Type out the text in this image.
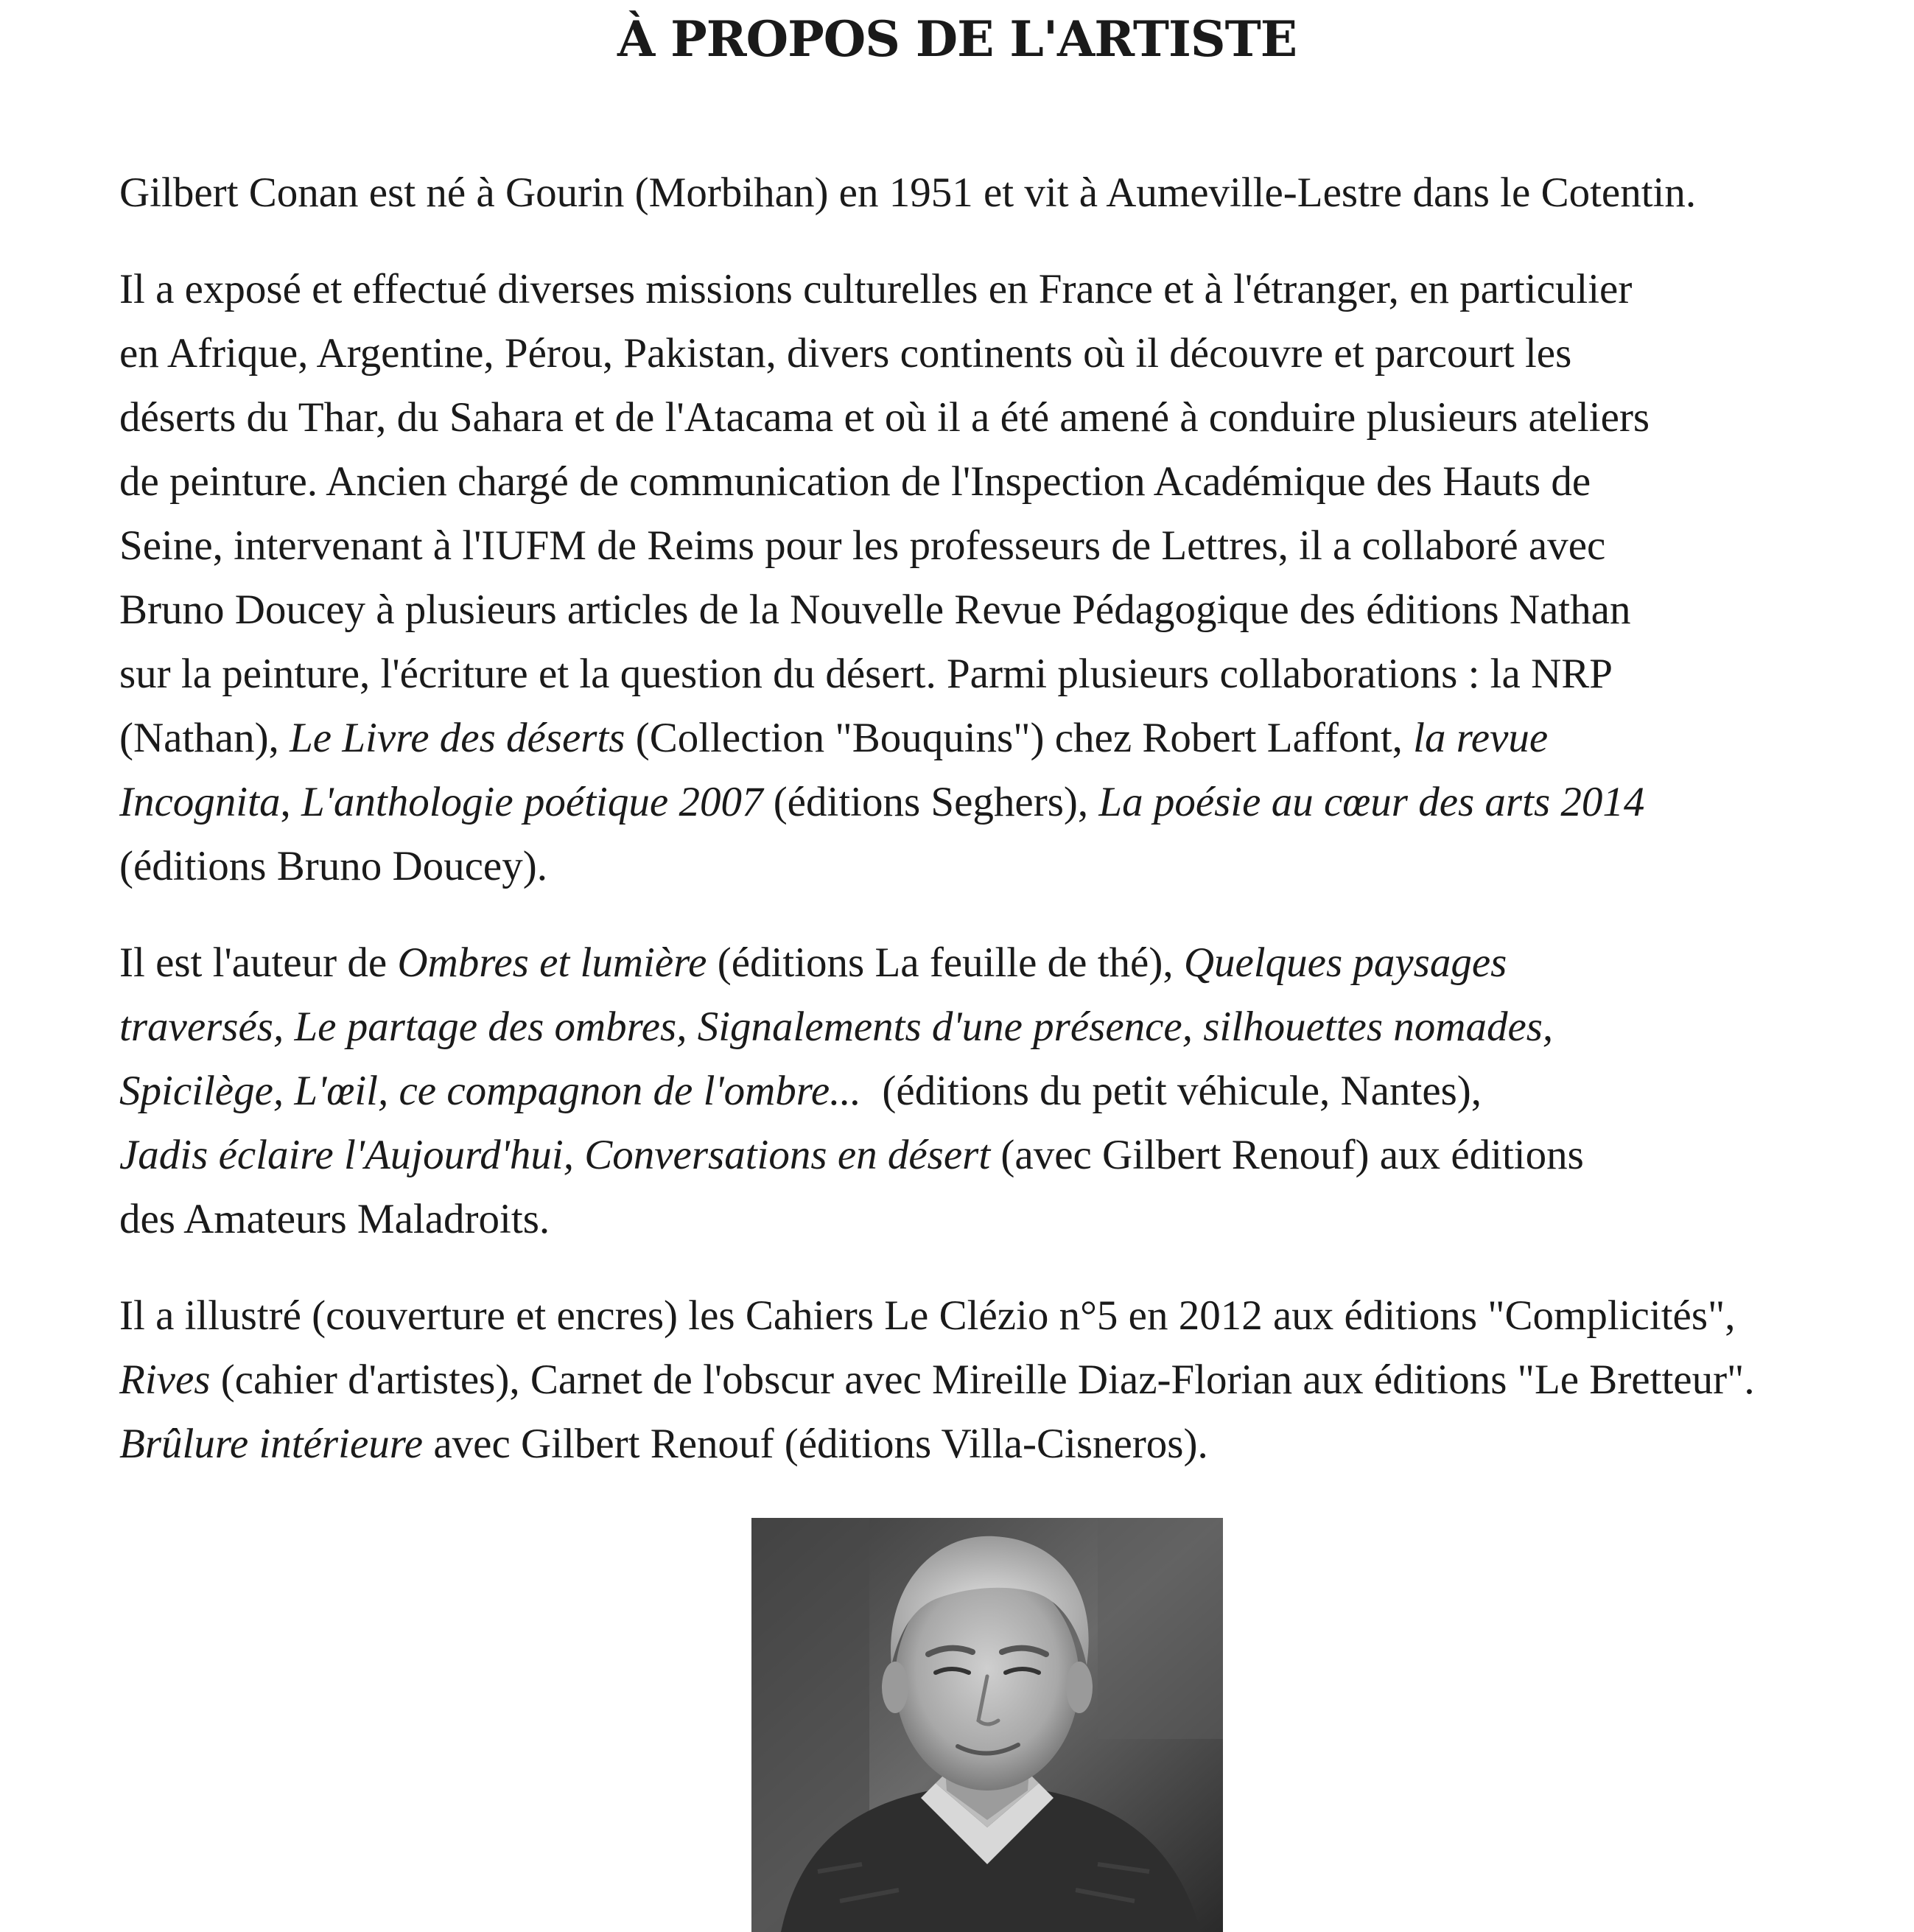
À PROPOS DE L'ARTISTE

Gilbert Conan est né à Gourin (Morbihan) en 1951 et vit à Aumeville-Lestre dans le Cotentin.

Il a exposé et effectué diverses missions culturelles en France et à l'étranger, en particulier
en Afrique, Argentine, Pérou, Pakistan, divers continents où il découvre et parcourt les
déserts du Thar, du Sahara et de l'Atacama et où il a été amené à conduire plusieurs ateliers
de peinture. Ancien chargé de communication de l'Inspection Académique des Hauts de
Seine, intervenant à l'IUFM de Reims pour les professeurs de Lettres, il a collaboré avec
Bruno Doucey à plusieurs articles de la Nouvelle Revue Pédagogique des éditions Nathan
sur la peinture, l'écriture et la question du désert. Parmi plusieurs collaborations : la NRP
(Nathan), Le Livre des déserts (Collection "Bouquins") chez Robert Laffont, la revue
Incognita, L'anthologie poétique 2007 (éditions Seghers), La poésie au cœur des arts 2014
(éditions Bruno Doucey).

Il est l'auteur de Ombres et lumière (éditions La feuille de thé), Quelques paysages
traversés, Le partage des ombres, Signalements d'une présence, silhouettes nomades,
Spicilège, L'œil, ce compagnon de l'ombre...  (éditions du petit véhicule, Nantes),
Jadis éclaire l'Aujourd'hui, Conversations en désert (avec Gilbert Renouf) aux éditions
des Amateurs Maladroits.

Il a illustré (couverture et encres) les Cahiers Le Clézio n°5 en 2012 aux éditions "Complicités",
Rives (cahier d'artistes), Carnet de l'obscur avec Mireille Diaz-Florian aux éditions "Le Bretteur".
Brûlure intérieure avec Gilbert Renouf (éditions Villa-Cisneros).
